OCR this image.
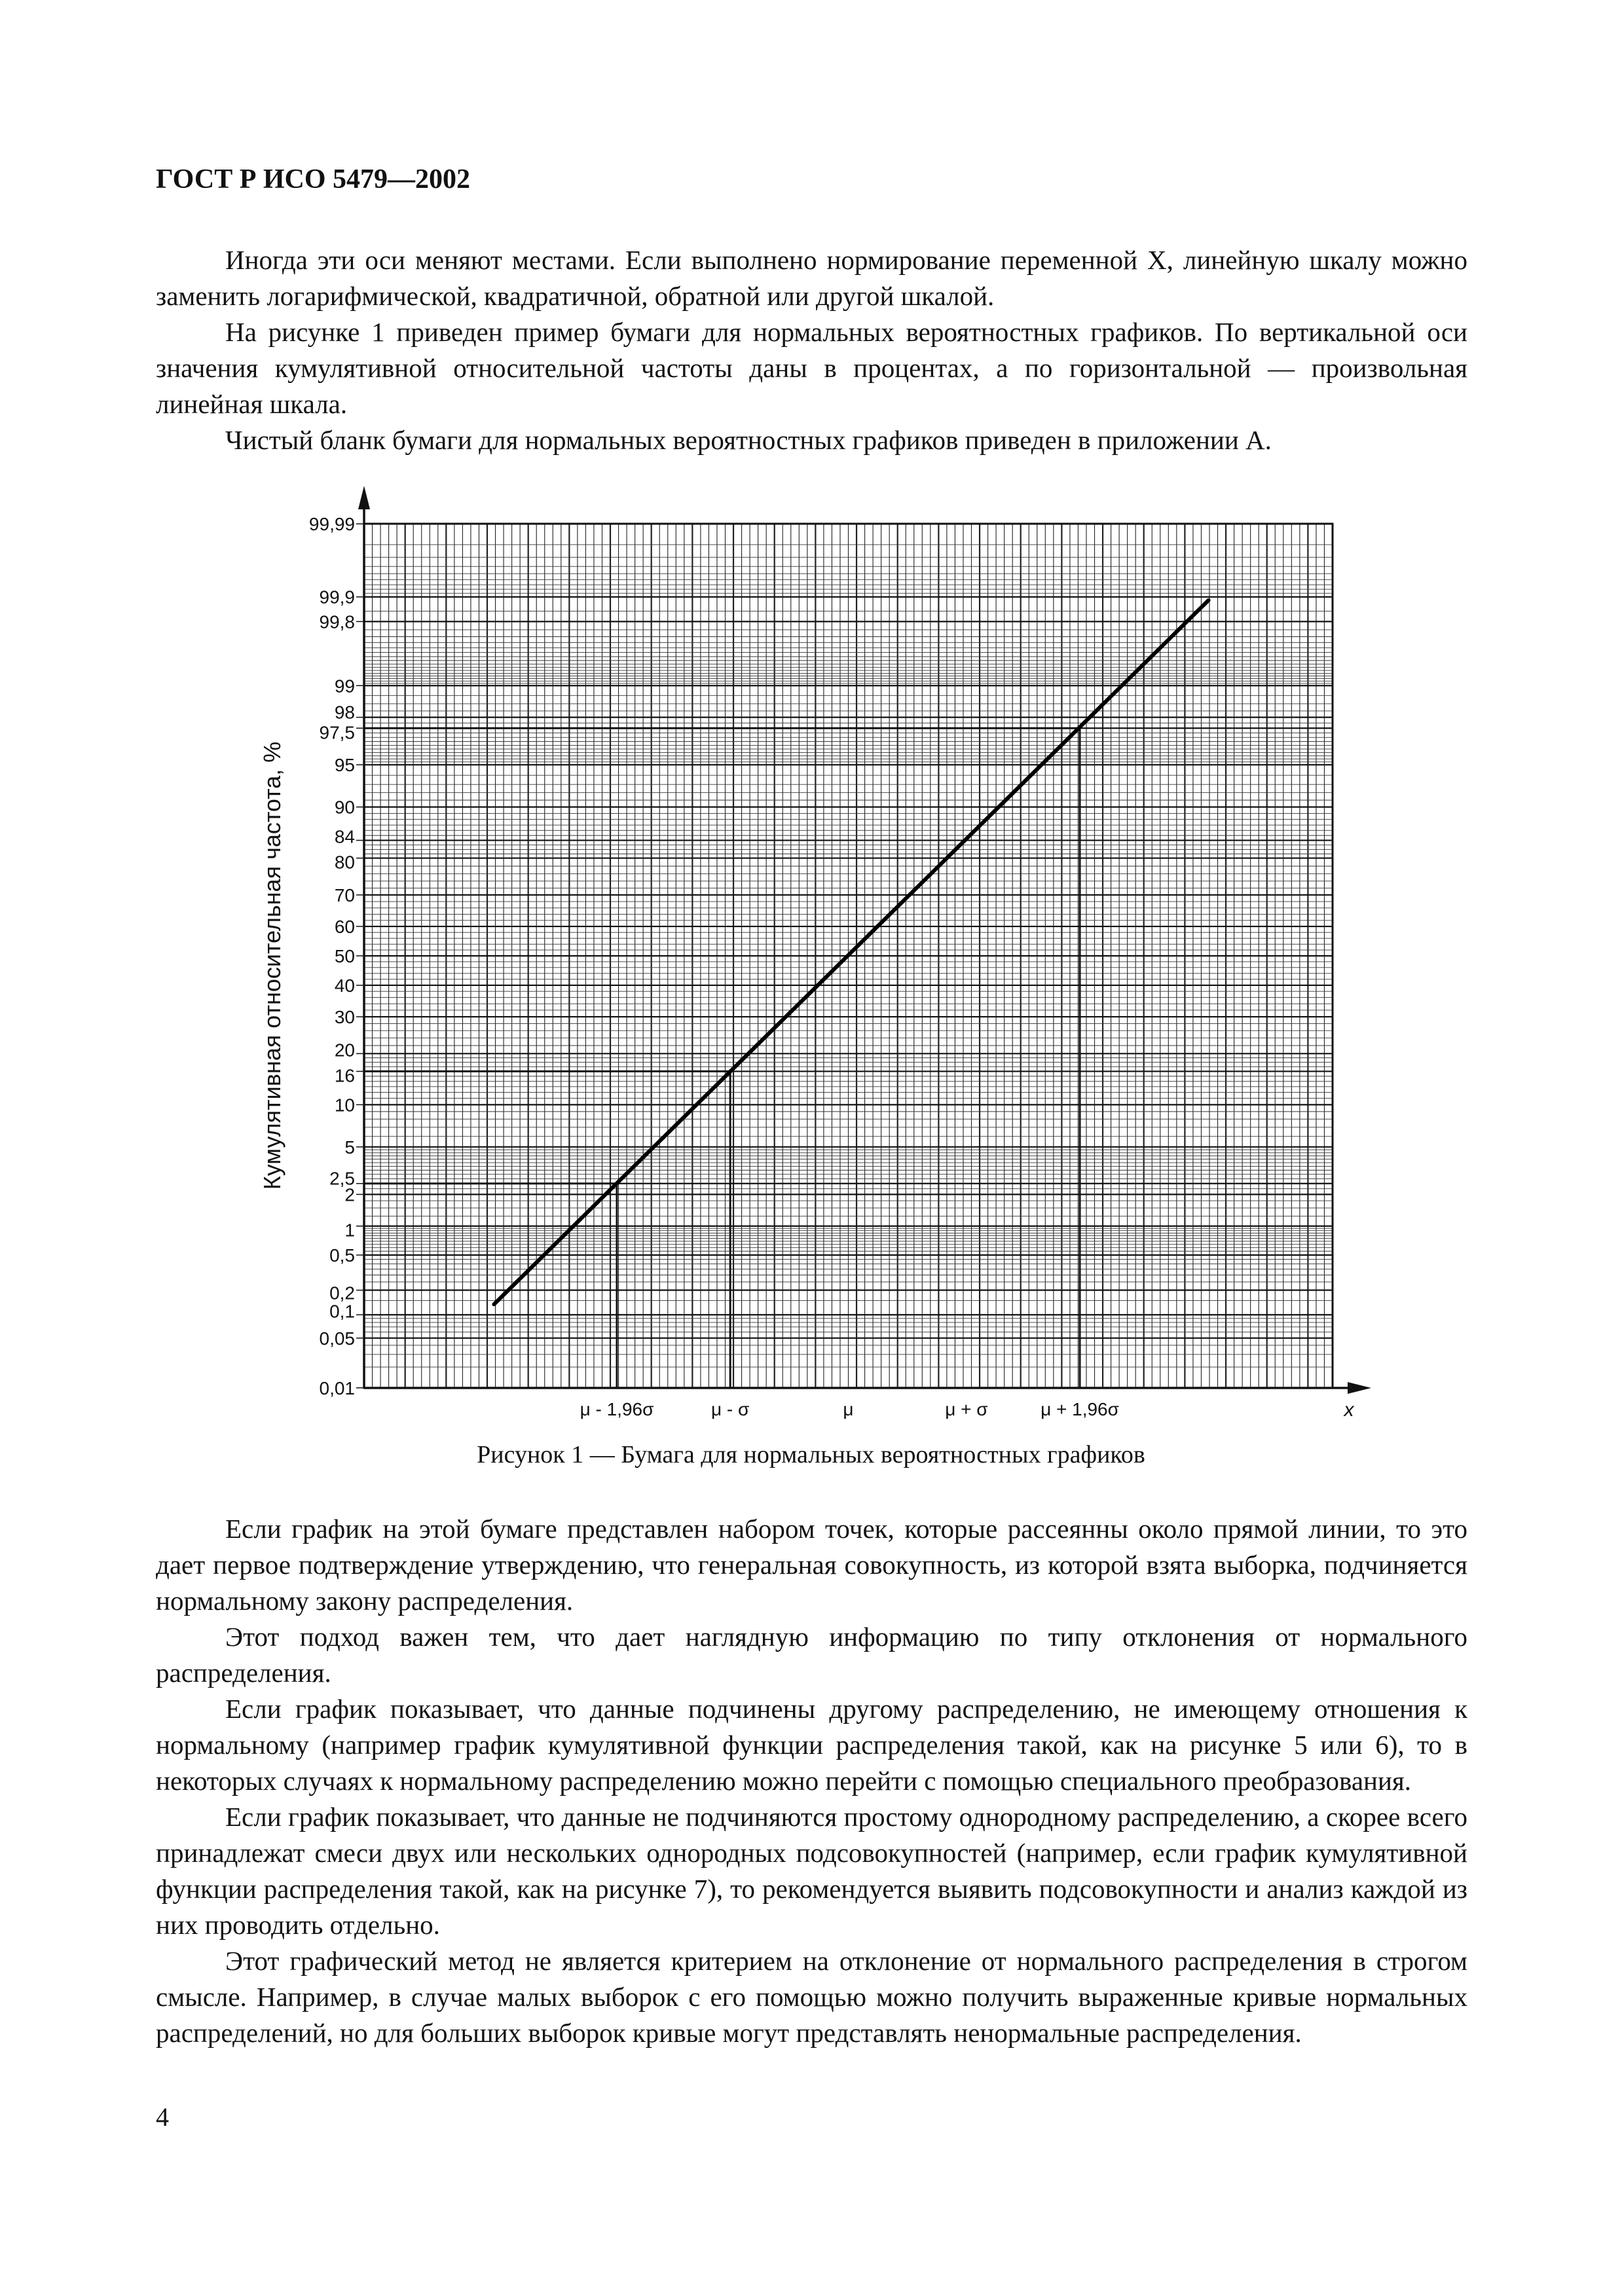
ГОСТ Р ИСО 5479—2002

Иногда эти оси меняют местами. Если выполнено нормирование переменной X, линейную шкалу можно заменить логарифмической, квадратичной, обратной или другой шкалой.

На рисунке 1 приведен пример бумаги для нормальных вероятностных графиков. По вертикальной оси значения кумулятивной относительной частоты даны в процентах, а по горизонтальной — произвольная линейная шкала.

Чистый бланк бумаги для нормальных вероятностных графиков приведен в приложении А.

0,01
0,05
0,1
0,2
0,5
1
2
2,5
5
10
16
20
30
40
50
60
70
80
84
90
95
97,5
98
99
99,8
99,9
99,99
μ - 1,96σ	μ - σ	μ	μ + σ	μ + 1,96σ
Кумулятивная относительная частота, %
x
Рисунок 1 — Бумага для нормальных вероятностных графиков

Если график на этой бумаге представлен набором точек, которые рассеянны около прямой линии, то это дает первое подтверждение утверждению, что генеральная совокупность, из которой взята выборка, подчиняется нормальному закону распределения.

Этот подход важен тем, что дает наглядную информацию по типу отклонения от нормального распределения.

Если график показывает, что данные подчинены другому распределению, не имеющему отношения к нормальному (например график кумулятивной функции распределения такой, как на рисунке 5 или 6), то в некоторых случаях к нормальному распределению можно перейти с помощью специального преобразования.

Если график показывает, что данные не подчиняются простому однородному распределению, а скорее всего принадлежат смеси двух или нескольких однородных подсовокупностей (например, если график кумулятивной функции распределения такой, как на рисунке 7), то рекомендуется выявить подсовокупности и анализ каждой из них проводить отдельно.

Этот графический метод не является критерием на отклонение от нормального распределения в строгом смысле. Например, в случае малых выборок с его помощью можно получить выраженные кривые нормальных распределений, но для больших выборок кривые могут представлять ненормальные распределения.

4
